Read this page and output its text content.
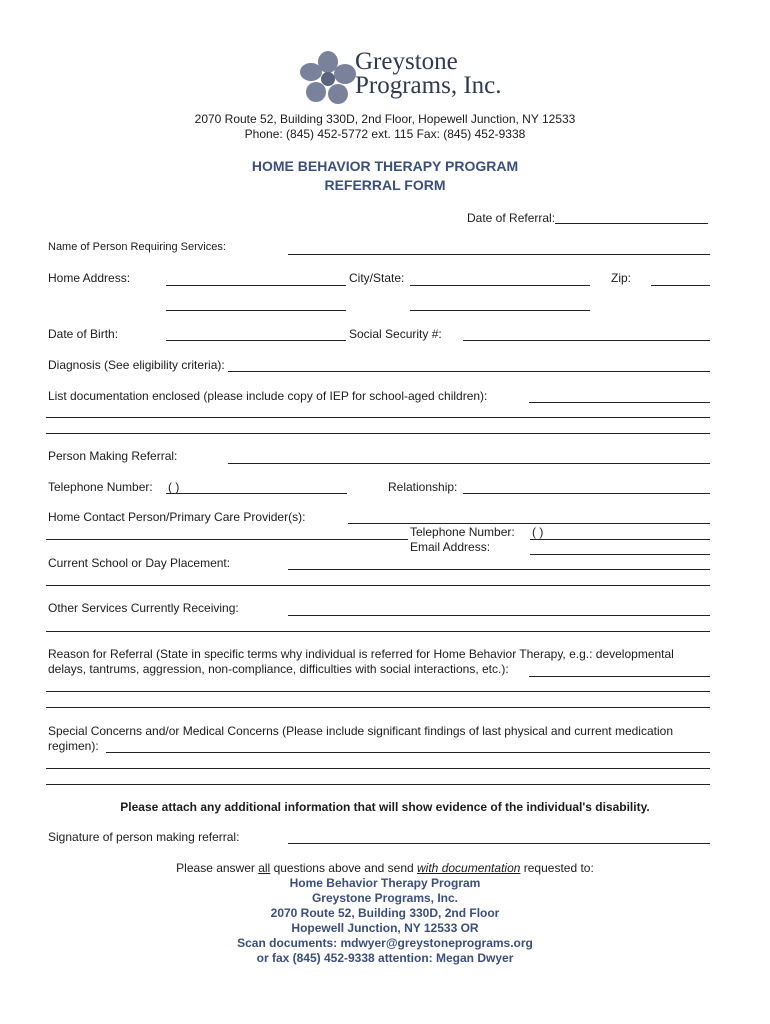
Greystone
Programs, Inc.
2070 Route 52, Building 330D, 2nd Floor, Hopewell Junction, NY 12533
Phone: (845) 452-5772 ext. 115 Fax: (845) 452-9338
HOME BEHAVIOR THERAPY PROGRAM
REFERRAL FORM
Date of Referral:
Name of Person Requiring Services:
Home Address:	City/State:	Zip:
Date of Birth:	Social Security #:
Diagnosis (See eligibility criteria):
List documentation enclosed (please include copy of IEP for school-aged children):
Person Making Referral:
Telephone Number: ( )	Relationship:
Home Contact Person/Primary Care Provider(s):
Telephone Number: ( )
Email Address:
Current School or Day Placement:
Other Services Currently Receiving:
Reason for Referral (State in specific terms why individual is referred for Home Behavior Therapy, e.g.: developmental
delays, tantrums, aggression, non-compliance, difficulties with social interactions, etc.):
Special Concerns and/or Medical Concerns (Please include significant findings of last physical and current medication
regimen):
Please attach any additional information that will show evidence of the individual's disability.
Signature of person making referral:
Please answer all questions above and send with documentation requested to:
Home Behavior Therapy Program
Greystone Programs, Inc.
2070 Route 52, Building 330D, 2nd Floor
Hopewell Junction, NY 12533 OR
Scan documents: mdwyer@greystoneprograms.org
or fax (845) 452-9338 attention: Megan Dwyer
